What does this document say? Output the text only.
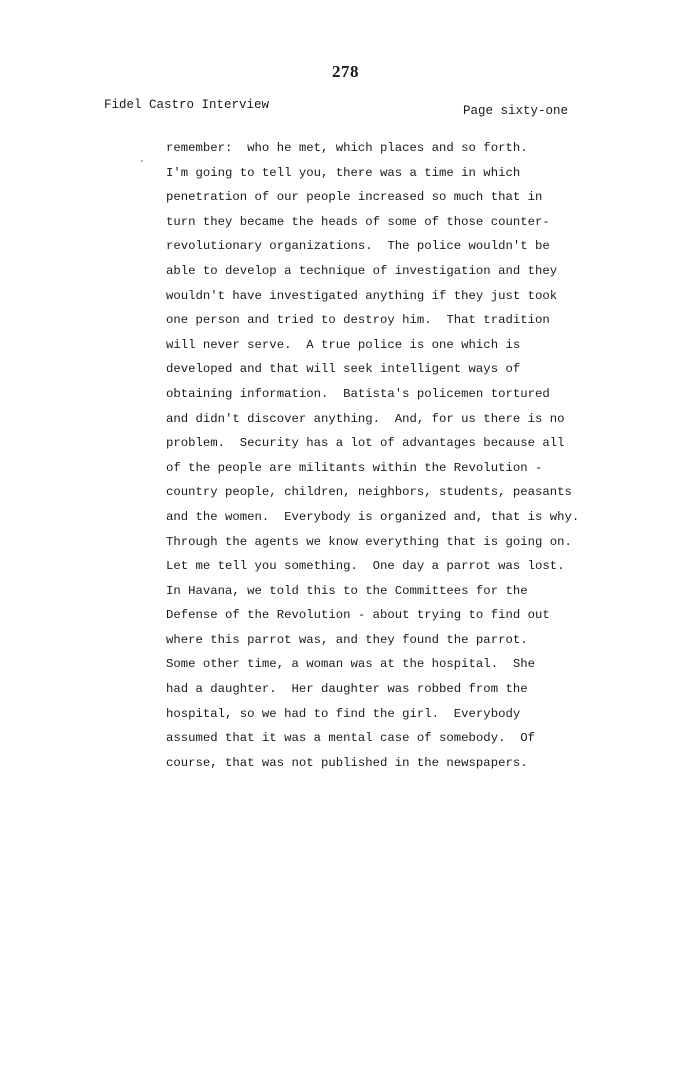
278
Fidel Castro Interview	Page sixty-one
remember:  who he met, which places and so forth.
I'm going to tell you, there was a time in which
penetration of our people increased so much that in
turn they became the heads of some of those counter-
revolutionary organizations.  The police wouldn't be
able to develop a technique of investigation and they
wouldn't have investigated anything if they just took
one person and tried to destroy him.  That tradition
will never serve.  A true police is one which is
developed and that will seek intelligent ways of
obtaining information.  Batista's policemen tortured
and didn't discover anything.  And, for us there is no
problem.  Security has a lot of advantages because all
of the people are militants within the Revolution -
country people, children, neighbors, students, peasants
and the women.  Everybody is organized and, that is why.
Through the agents we know everything that is going on.
Let me tell you something.  One day a parrot was lost.
In Havana, we told this to the Committees for the
Defense of the Revolution - about trying to find out
where this parrot was, and they found the parrot.
Some other time, a woman was at the hospital.  She
had a daughter.  Her daughter was robbed from the
hospital, so we had to find the girl.  Everybody
assumed that it was a mental case of somebody.  Of
course, that was not published in the newspapers.
